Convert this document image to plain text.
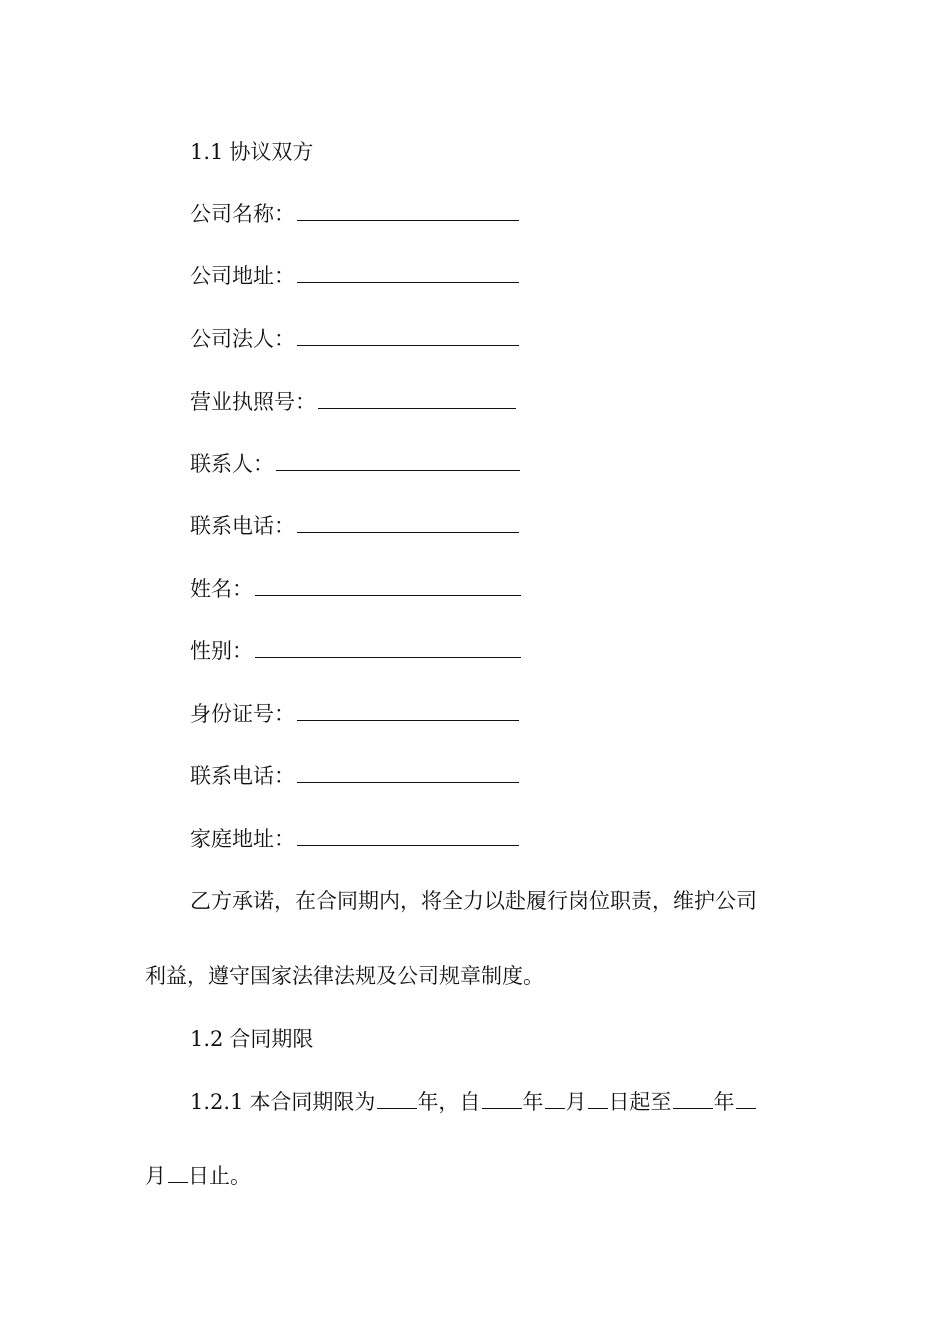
1.1 协议双方
公司名称：
公司地址：
公司法人：
营业执照号：
联系人：
联系电话：
姓名：
性别：
身份证号：
联系电话：
家庭地址：
乙方承诺，在合同期内，将全力以赴履行岗位职责，维护公司
利益，遵守国家法律法规及公司规章制度。
1.2 合同期限
1.2.1 本合同期限为 年，自 年 月 日起至 年
月 日止。
